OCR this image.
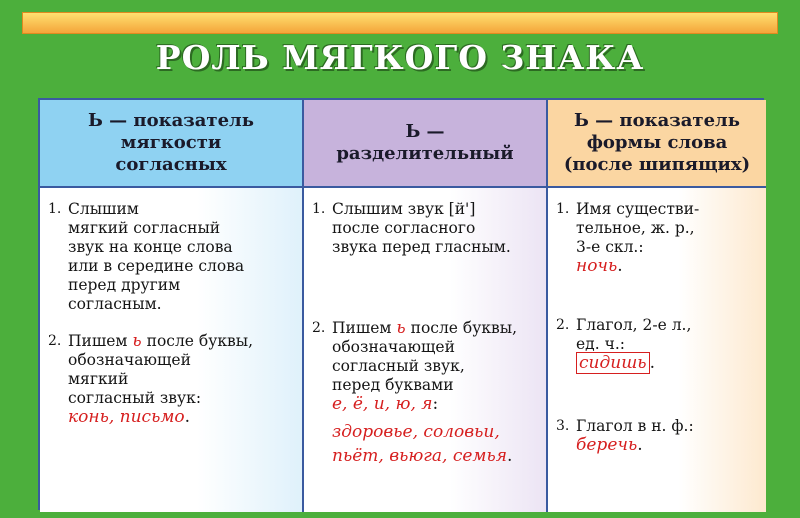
РОЛЬ МЯГКОГО ЗНАКА
Ь — показатель
мягкости
согласных
Ь —
разделительный
Ь — показатель
формы слова
(после шипящих)
1. Слышим
мягкий согласный
звук на конце слова
или в середине слова
перед другим
согласным.
2. Пишем ь после буквы,
обозначающей
мягкий
согласный звук:
конь, письмо.
1. Слышим звук [й']
после согласного
звука перед гласным.
2. Пишем ь после буквы,
обозначающей
согласный звук,
перед буквами
е, ё, и, ю, я:
здоровье, соловьи,
пьёт, вьюга, семья.
1. Имя существи-
тельное, ж. р.,
3-е скл.:
ночь.
2. Глагол, 2-е л.,
ед. ч.:
сидишь .
3. Глагол в н. ф.:
беречь.
